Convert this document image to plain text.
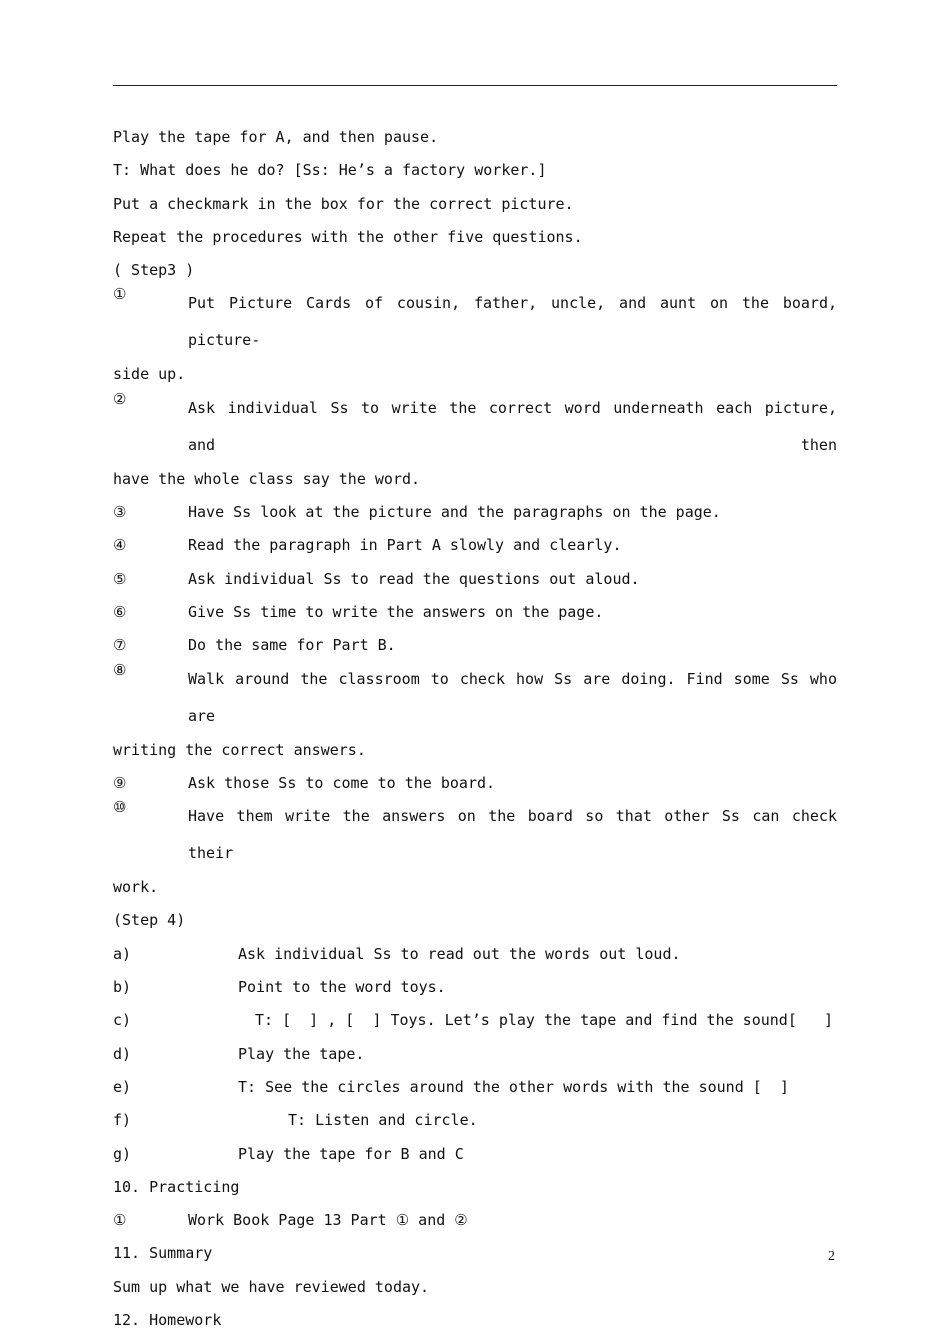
Play the tape for A, and then pause.
T: What does he do? [Ss: He’s a factory worker.]
Put a checkmark in the box for the correct picture.
Repeat the procedures with the other five questions.
( Step3 )
①	Put Picture Cards of cousin, father, uncle, and aunt on the board, picture-
side up.
②	Ask individual Ss to write the correct word underneath each picture, and then
have the whole class say the word.
③	Have Ss look at the picture and the paragraphs on the page.
④	Read the paragraph in Part A slowly and clearly.
⑤	Ask individual Ss to read the questions out aloud.
⑥	Give Ss time to write the answers on the page.
⑦	Do the same for Part B.
⑧	Walk around the classroom to check how Ss are doing. Find some Ss who are
writing the correct answers.
⑨	Ask those Ss to come to the board.
⑩	Have them write the answers on the board so that other Ss can check their
work.
(Step 4)
a)	Ask individual Ss to read out the words out loud.
b)	Point to the word toys.
c)	T: [  ] , [  ] Toys. Let’s play the tape and find the sound[   ]
d)	Play the tape.
e)	T: See the circles around the other words with the sound [  ]
f)	T: Listen and circle.
g)	Play the tape for B and C
10. Practicing
①	Work Book Page 13 Part ① and ②
11. Summary
Sum up what we have reviewed today.
12. Homework
2
